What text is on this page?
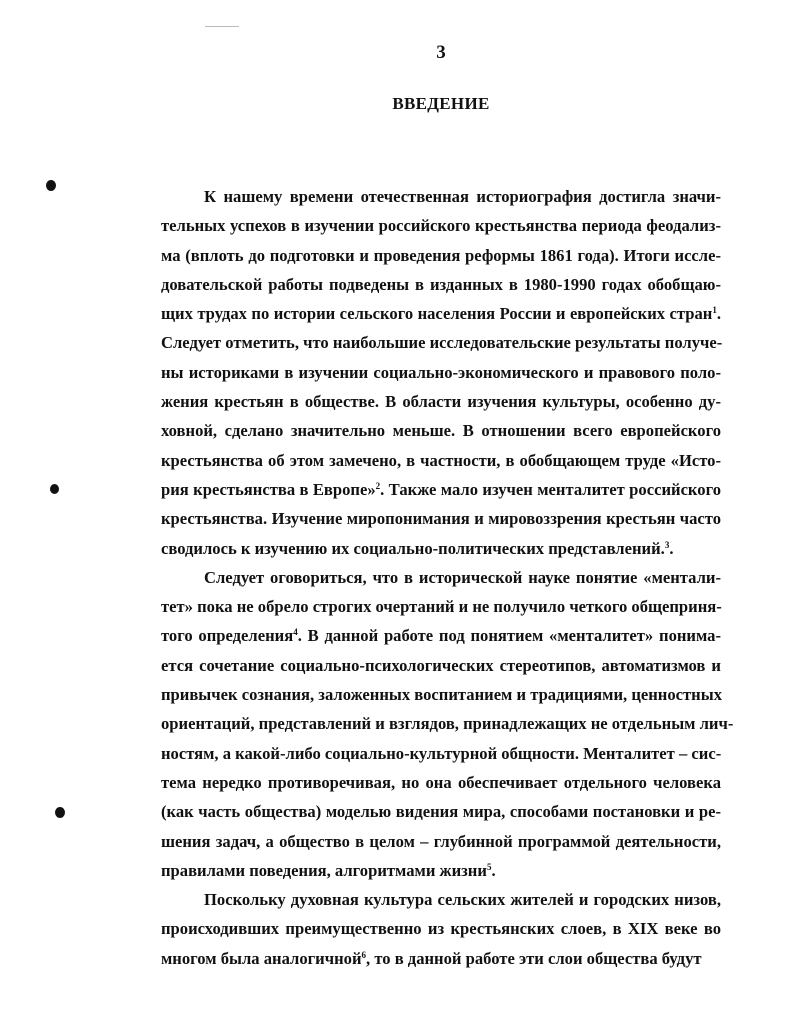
3
ВВЕДЕНИЕ
К нашему времени отечественная историография достигла значи-
тельных успехов в изучении российского крестьянства периода феодализ-
ма (вплоть до подготовки и проведения реформы 1861 года). Итоги иссле-
довательской работы подведены в изданных в 1980-1990 годах обобщаю-
щих трудах по истории сельского населения России и европейских стран$^1$.
Следует отметить, что наибольшие исследовательские результаты получе-
ны историками в изучении социально-экономического и правового поло-
жения крестьян в обществе. В области изучения культуры, особенно ду-
ховной, сделано значительно меньше. В отношении всего европейского
крестьянства об этом замечено, в частности, в обобщающем труде «Исто-
рия крестьянства в Европе»$^2$. Также мало изучен менталитет российского
крестьянства. Изучение миропонимания и мировоззрения крестьян часто
сводилось к изучению их социально-политических представлений.$^3$.
Следует оговориться, что в исторической науке понятие «ментали-
тет» пока не обрело строгих очертаний и не получило четкого общеприня-
того определения$^4$. В данной работе под понятием «менталитет» понима-
ется сочетание социально-психологических стереотипов, автоматизмов и
привычек сознания, заложенных воспитанием и традициями, ценностных
ориентаций, представлений и взглядов, принадлежащих не отдельным лич-
ностям, а какой-либо социально-культурной общности. Менталитет – сис-
тема нередко противоречивая, но она обеспечивает отдельного человека
(как часть общества) моделью видения мира, способами постановки и ре-
шения задач, а общество в целом – глубинной программой деятельности,
правилами поведения, алгоритмами жизни$^5$.
Поскольку духовная культура сельских жителей и городских низов,
происходивших преимущественно из крестьянских слоев, в XIX веке во
многом была аналогичной$^6$, то в данной работе эти слои общества будут
